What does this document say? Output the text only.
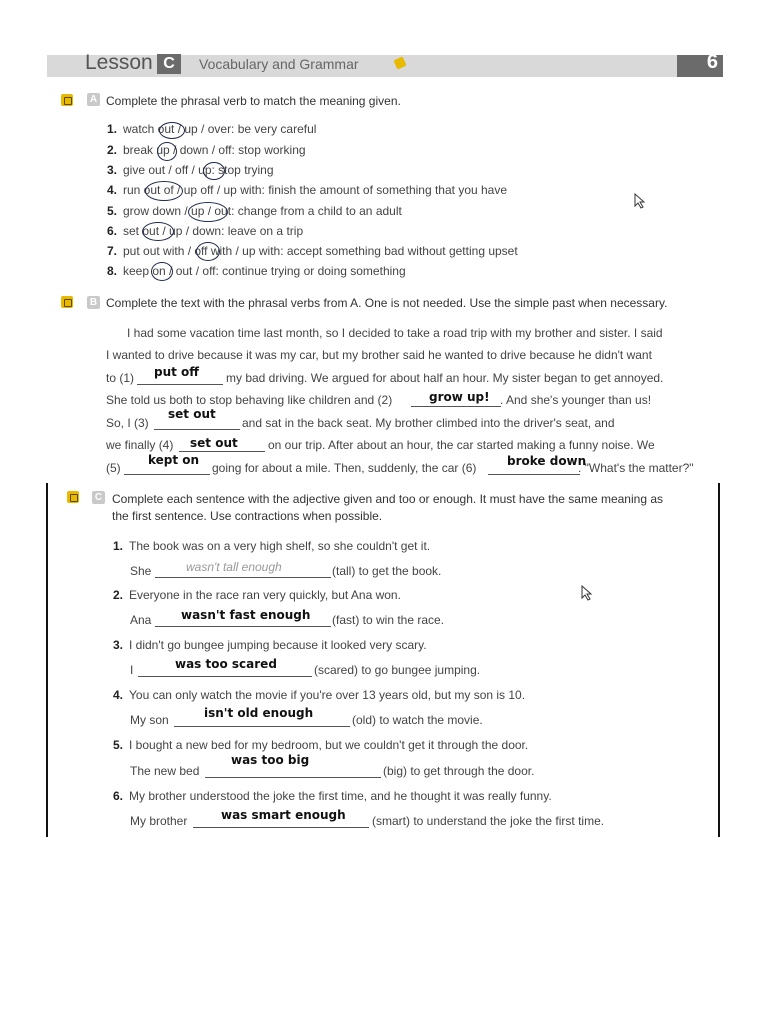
Lesson C	Vocabulary and Grammar	6
A Complete the phrasal verb to match the meaning given.
1. watch out / up / over: be very careful
2. break up / down / off: stop working
3. give out / off / up: stop trying
4. run out of / up off / up with: finish the amount of something that you have
5. grow down / up / out: change from a child to an adult
6. set out / up / down: leave on a trip
7. put out with / off with / up with: accept something bad without getting upset
8. keep on / out / off: continue trying or doing something
B Complete the text with the phrasal verbs from A. One is not needed. Use the simple past when necessary.
I had some vacation time last month, so I decided to take a road trip with my brother and sister. I said
I wanted to drive because it was my car, but my brother said he wanted to drive because he didn't want
to (1) put off my bad driving. We argued for about half an hour. My sister began to get annoyed.
She told us both to stop behaving like children and (2)	grow up! . And she's younger than us!
So, I (3)
set out
and sat in the back seat. My brother climbed into the driver's seat, and
we finally (4) set out	on our trip. After about an hour, the car started making a funny noise. We
(5)
kept on
going for about a mile. Then, suddenly, the car (6)	broke down
. "What's the matter?"
C Complete each sentence with the adjective given and too or enough. It must have the same meaning as
the first sentence. Use contractions when possible.
1. The book was on a very high shelf, so she couldn't get it.
She	wasn't tall enough	(tall) to get the book.
2. Everyone in the race ran very quickly, but Ana won.
Ana wasn't fast enough (fast) to win the race.
3. I didn't go bungee jumping because it looked very scary.
I	was too scared	(scared) to go bungee jumping.
4. You can only watch the movie if you're over 13 years old, but my son is 10.
My son	isn't old enough	(old) to watch the movie.
5. I bought a new bed for my bedroom, but we couldn't get it through the door.
The new bed
was too big
(big) to get through the door.
6. My brother understood the joke the first time, and he thought it was really funny.
My brother	was smart enough (smart) to understand the joke the first time.
